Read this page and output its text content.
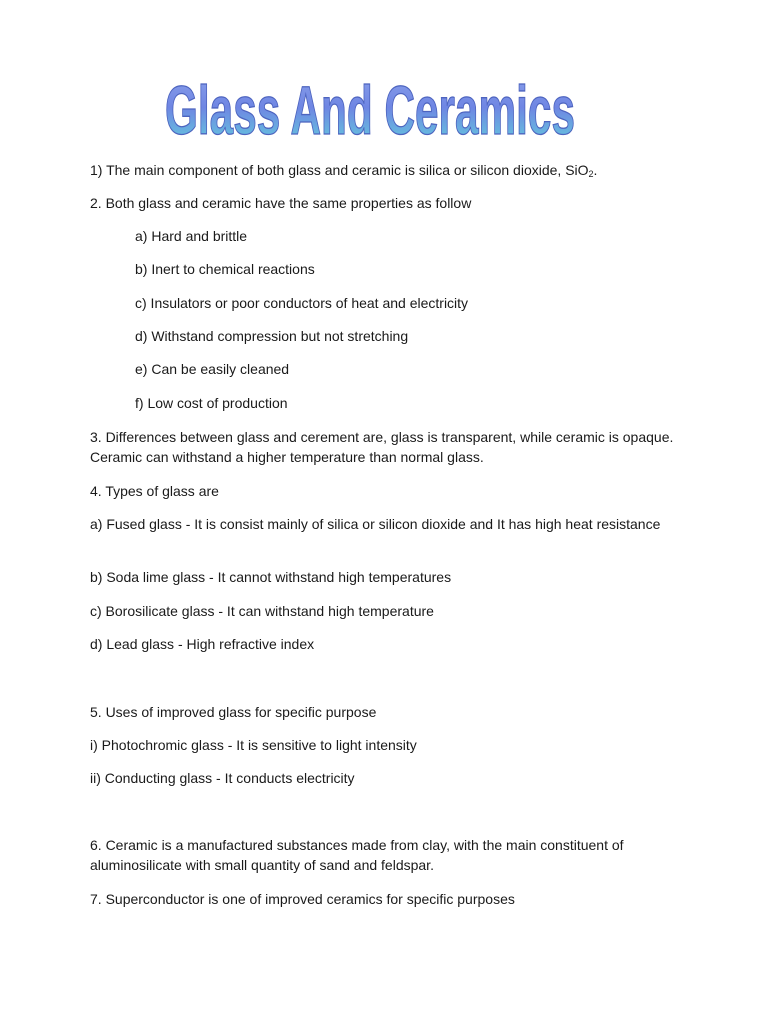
Glass And Ceramics
1) The main component of both glass and ceramic is silica or silicon dioxide, SiO$_2$.
2. Both glass and ceramic have the same properties as follow
a) Hard and brittle
b) Inert to chemical reactions
c) Insulators or poor conductors of heat and electricity
d) Withstand compression but not stretching
e) Can be easily cleaned
f) Low cost of production
3. Differences between glass and cerement are, glass is transparent, while ceramic is opaque. Ceramic can withstand a higher temperature than normal glass.
4. Types of glass are
a) Fused glass - It is consist mainly of silica or silicon dioxide and It has high heat resistance
b) Soda lime glass - It cannot withstand high temperatures
c) Borosilicate glass - It can withstand high temperature
d) Lead glass - High refractive index
5. Uses of improved glass for specific purpose
i) Photochromic glass - It is sensitive to light intensity
ii) Conducting glass - It conducts electricity
6. Ceramic is a manufactured substances made from clay, with the main constituent of aluminosilicate with small quantity of sand and feldspar.
7. Superconductor is one of improved ceramics for specific purposes
